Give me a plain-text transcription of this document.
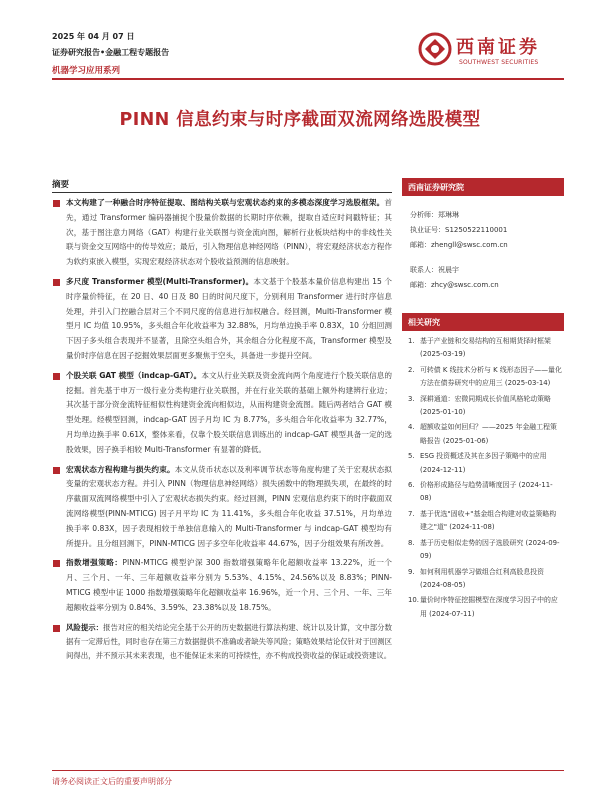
2025 年 04 月 07 日
证券研究报告•金融工程专题报告
机器学习应用系列
西南证券
SOUTHWEST SECURITIES
PINN 信息约束与时序截面双流网络选股模型
摘要
本文构建了一种融合时序特征提取、图结构关联与宏观状态约束的多模态深度学习选股框架。首先，通过 Transformer 编码器捕捉个股量价数据的长期时序依赖，提取自适应时间戳特征；其次，基于图注意力网络（GAT）构建行业关联图与资金流向图，解析行业板块结构中的非线性关联与资金交互网络中的传导效应；最后，引入物理信息神经网络（PINN），将宏观经济状态方程作为软约束嵌入模型，实现宏观经济状态对个股收益预测的信息映射。
多尺度 Transformer 模型(Multi-Transformer)。本文基于个股基本量价信息构建出 15 个时序量价特征，在 20 日、40 日及 80 日的时间尺度下，分别利用 Transformer 进行时序信息处理，并引入门控融合层对三个不同尺度的信息进行加权融合。经回测，Multi-Transformer 模型月 IC 均值 10.95%，多头组合年化收益率为 32.88%，月均单边换手率 0.83X，10 分组回测下因子多头组合表现并不显著，且除空头组合外，其余组合分化程度不高，Transformer 模型及量价时序信息在因子挖掘效果层面更多聚焦于空头，具备进一步提升空间。
个股关联 GAT 模型（indcap-GAT）。本文从行业关联及资金流向两个角度进行个股关联信息的挖掘。首先基于申万一级行业分类构建行业关联图，并在行业关联的基础上额外构建辨行业边；其次基于部分资金流特征相似性构建资金流向相似边，从而构建资金流图。随后两者结合 GAT 模型处理。经模型回测，indcap-GAT 因子月均 IC 为 8.77%，多头组合年化收益率为 32.77%，月均单边换手率 0.61X，整体来看，仅靠个股关联信息训练出的 indcap-GAT 模型具备一定的选股效果，因子换手相较 Multi-Transformer 有显著的降低。
宏观状态方程构建与损失约束。本文从货币状态以及利率调节状态等角度构建了关于宏观状态拟变量的宏观状态方程。并引入 PINN（物理信息神经网络）损失函数中的物理损失项，在最终的时序截面双流网络模型中引入了宏观状态损失约束。经过回测，PINN 宏观信息约束下的时序截面双流网络模型(PINN-MTICG) 因子月平均 IC 为 11.41%，多头组合年化收益 37.51%，月均单边换手率 0.83X，因子表现相较于单独信息输入的 Multi-Transformer 与 indcap-GAT 模型均有所提升。且分组回测下，PINN-MTICG 因子多空年化收益率 44.67%，因子分组效果有所改善。
指数增强策略：PINN-MTICG 模型沪深 300 指数增强策略年化超额收益率 13.22%，近一个月、三个月、一年、三年超额收益率分别为 5.53%、4.15%、24.56%以及 8.83%；PINN-MTICG 模型中证 1000 指数增强策略年化超额收益率 16.96%，近一个月、三个月、一年、三年超额收益率分别为 0.84%、3.59%、23.38%以及 18.75%。
风险提示：报告对应的相关结论完全基于公开的历史数据进行算法构建、统计以及计算，文中部分数据有一定滞后性，同时也存在第三方数据提供不准确或者缺失等风险；策略效果结论仅针对于回测区间得出，并不预示其未来表现，也不能保证未来的可持续性，亦不构成投资收益的保证或投资建议。
西南证券研究院
分析师：郑琳琳
执业证号：S1250522110001
邮箱：zhengll@swsc.com.cn
联系人：祝晨宇
邮箱：zhcy@swsc.com.cn
相关研究
1. 基于产业链和交易结构的互相期货择时框架 (2025-03-19)
2. 可转债 K 线技术分析与 K 线形态因子——量化方法在债券研究中的应用三 (2025-03-14)
3. 深耕通道：宏微同期成长价值风格轮动策略 (2025-01-10)
4. 超额收益如何回归？——2025 年金融工程策略报告 (2025-01-06)
5. ESG 投资概述及其在多因子策略中的应用 (2024-12-11)
6. 价格形成路径与趋势清晰度因子 (2024-11-08)
7. 基于优选"固收+"基金组合构建对收益策略构建之"道" (2024-11-08)
8. 基于历史相似走势的因子选股研究 (2024-09-09)
9. 如何利用机器学习做组合红利高股息投资 (2024-08-05)
10. 量价时序特征挖掘模型在深度学习因子中的应用 (2024-07-11)
请务必阅读正文后的重要声明部分
